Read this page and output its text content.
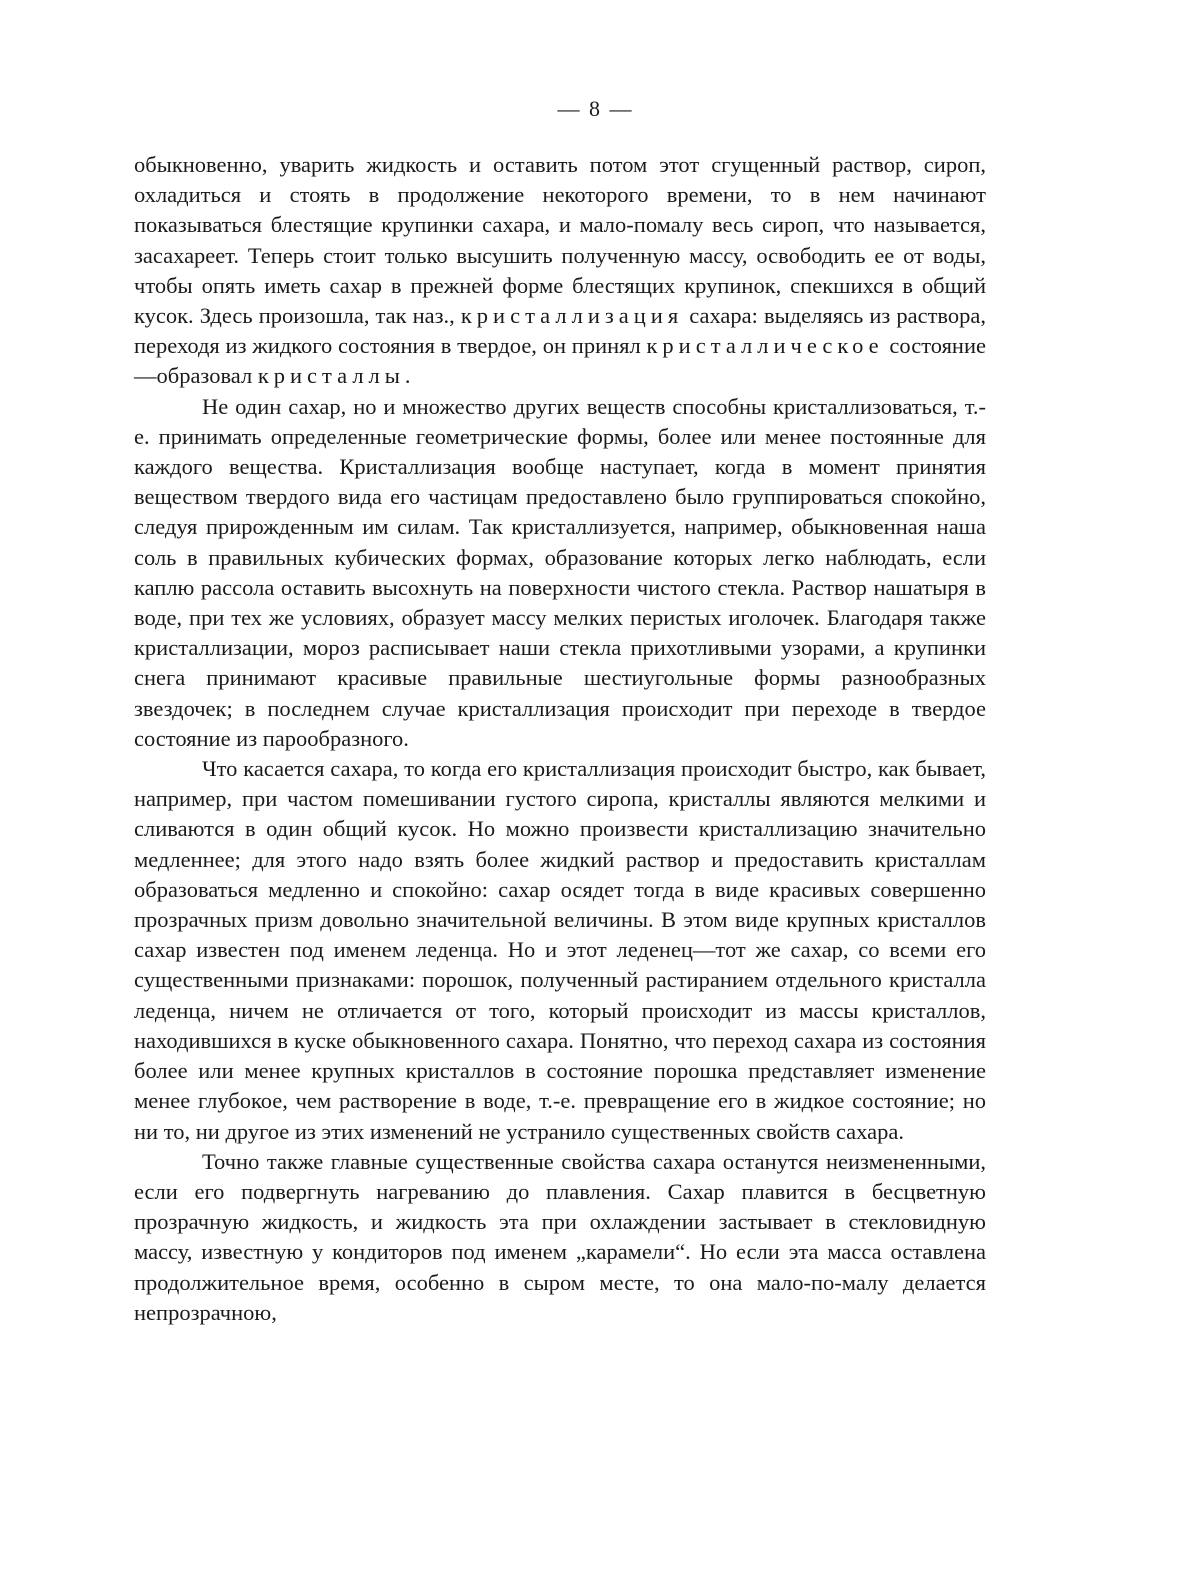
— 8 —

обыкновенно, уварить жидкость и оставить потом этот сгущенный раствор, сироп, охладиться и стоять в продолжение некоторого времени, то в нем начинают показываться блестящие крупинки сахара, и мало-помалу весь сироп, что называется, засахареет. Теперь стоит только высушить полученную массу, освободить ее от воды, чтобы опять иметь сахар в прежней форме блестящих крупинок, спекшихся в общий кусок. Здесь произошла, так наз., кристаллизация сахара: выделяясь из раствора, переходя из жидкого состояния в твердое, он принял кристаллическое состояние—образовал кристаллы.

Не один сахар, но и множество других веществ способны кристаллизоваться, т.-е. принимать определенные геометрические формы, более или менее постоянные для каждого вещества. Кристаллизация вообще наступает, когда в момент принятия веществом твердого вида его частицам предоставлено было группироваться спокойно, следуя прирожденным им силам. Так кристаллизуется, например, обыкновенная наша соль в правильных кубических формах, образование которых легко наблюдать, если каплю рассола оставить высохнуть на поверхности чистого стекла. Раствор нашатыря в воде, при тех же условиях, образует массу мелких перистых иголочек. Благодаря также кристаллизации, мороз расписывает наши стекла прихотливыми узорами, а крупинки снега принимают красивые правильные шестиугольные формы разнообразных звездочек; в последнем случае кристаллизация происходит при переходе в твердое состояние из парообразного.

Что касается сахара, то когда его кристаллизация происходит быстро, как бывает, например, при частом помешивании густого сиропа, кристаллы являются мелкими и сливаются в один общий кусок. Но можно произвести кристаллизацию значительно медленнее; для этого надо взять более жидкий раствор и предоставить кристаллам образоваться медленно и спокойно: сахар осядет тогда в виде красивых совершенно прозрачных призм довольно значительной величины. В этом виде крупных кристаллов сахар известен под именем леденца. Но и этот леденец—тот же сахар, со всеми его существенными признаками: порошок, полученный растиранием отдельного кристалла леденца, ничем не отличается от того, который происходит из массы кристаллов, находившихся в куске обыкновенного сахара. Понятно, что переход сахара из состояния более или менее крупных кристаллов в состояние порошка представляет изменение менее глубокое, чем растворение в воде, т.-е. превращение его в жидкое состояние; но ни то, ни другое из этих изменений не устранило существенных свойств сахара.

Точно также главные существенные свойства сахара останутся неизмененными, если его подвергнуть нагреванию до плавления. Сахар плавится в бесцветную прозрачную жидкость, и жидкость эта при охлаждении застывает в стекловидную массу, известную у кондиторов под именем „карамели“. Но если эта масса оставлена продолжительное время, особенно в сыром месте, то она мало-по-малу делается непрозрачною,
